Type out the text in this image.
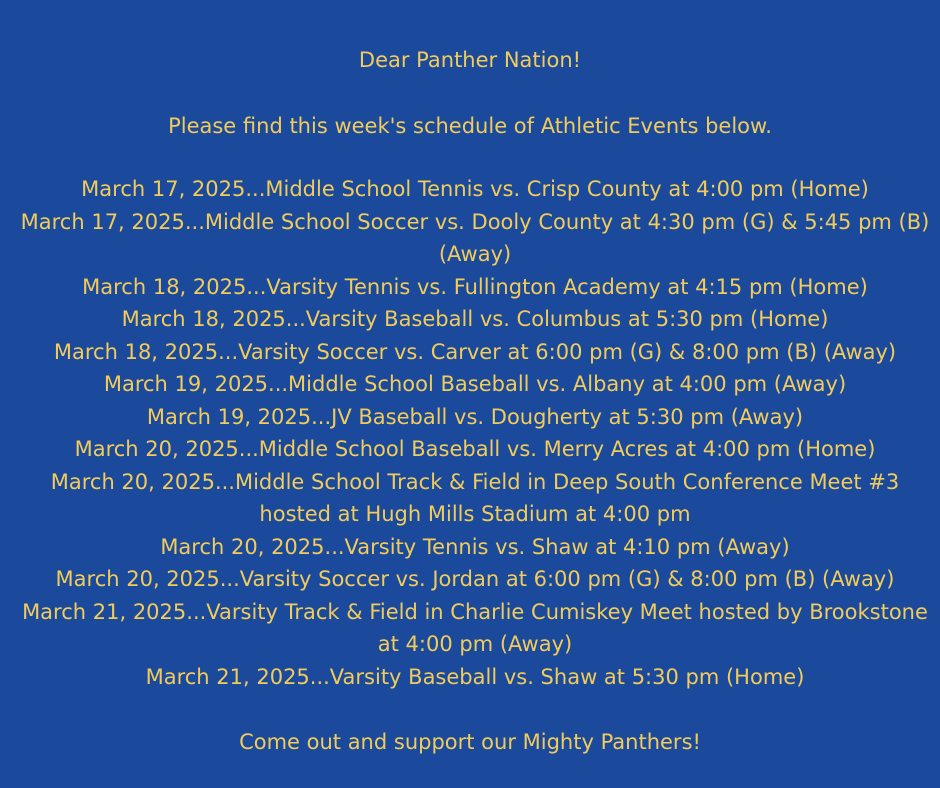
Dear Panther Nation!

Please find this week's schedule of Athletic Events below.

March 17, 2025...Middle School Tennis vs. Crisp County at 4:00 pm (Home)
March 17, 2025...Middle School Soccer vs. Dooly County at 4:30 pm (G) & 5:45 pm (B) (Away)
March 18, 2025...Varsity Tennis vs. Fullington Academy at 4:15 pm (Home)
March 18, 2025...Varsity Baseball vs. Columbus at 5:30 pm (Home)
March 18, 2025...Varsity Soccer vs. Carver at 6:00 pm (G) & 8:00 pm (B) (Away)
March 19, 2025...Middle School Baseball vs. Albany at 4:00 pm (Away)
March 19, 2025...JV Baseball vs. Dougherty at 5:30 pm (Away)
March 20, 2025...Middle School Baseball vs. Merry Acres at 4:00 pm (Home)
March 20, 2025...Middle School Track & Field in Deep South Conference Meet #3 hosted at Hugh Mills Stadium at 4:00 pm
March 20, 2025...Varsity Tennis vs. Shaw at 4:10 pm (Away)
March 20, 2025...Varsity Soccer vs. Jordan at 6:00 pm (G) & 8:00 pm (B) (Away)
March 21, 2025...Varsity Track & Field in Charlie Cumiskey Meet hosted by Brookstone at 4:00 pm (Away)
March 21, 2025...Varsity Baseball vs. Shaw at 5:30 pm (Home)

Come out and support our Mighty Panthers!
